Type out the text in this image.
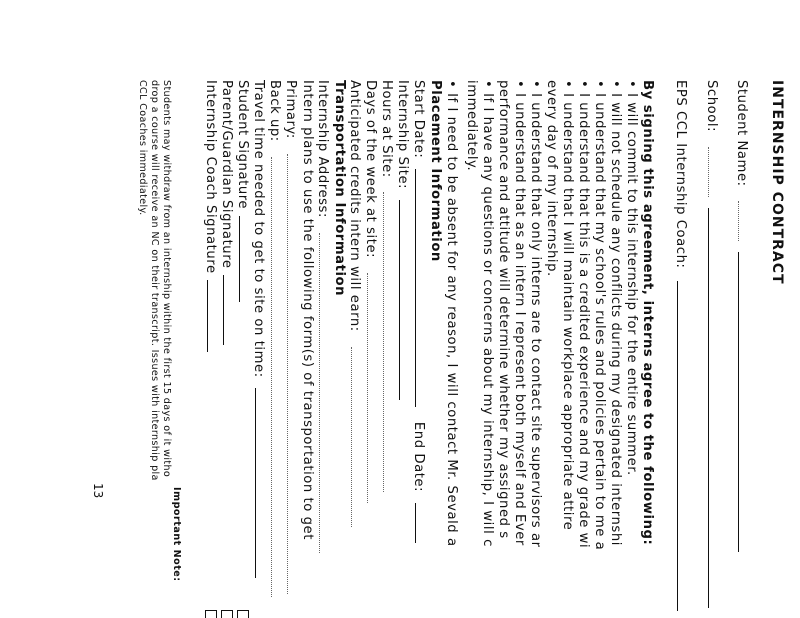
INTERNSHIP CONTRACT
Student Name:
School:
EPS CCL Internship Coach:
By signing this agreement, interns agree to the following:
• I will commit to this internship for the entire summer.
• I will not schedule any conflicts during my designated internshi
• I understand that my school's rules and policies pertain to me a
• I understand that this is a credited experience and my grade wi
• I understand that I will maintain workplace appropriate attire
every day of my internship.
• I understand that only interns are to contact site supervisors ar
• I understand that as an intern I represent both myself and Ever
performance and attitude will determine whether my assigned s
• If I have any questions or concerns about my internship, I will c
immediately.
• If I need to be absent for any reason, I will contact Mr. Sevald a
Placement Information
Start Date:  End Date:
Internship Site:
Hours at Site:
Days of the week at site:
Anticipated credits intern will earn:
Transportation Information
Internship Address:
Intern plans to use the following form(s) of transportation to get
Primary:
Back up:
Travel time needed to get to site on time:
Student Signature
Parent/Guardian Signature
Internship Coach Signature
Important Note:
Students may withdraw from an internship within the first 15 days of it witho
drop a course will receive an NC on their transcript. Issues with internship pla
CCL Coaches immediately.
13
